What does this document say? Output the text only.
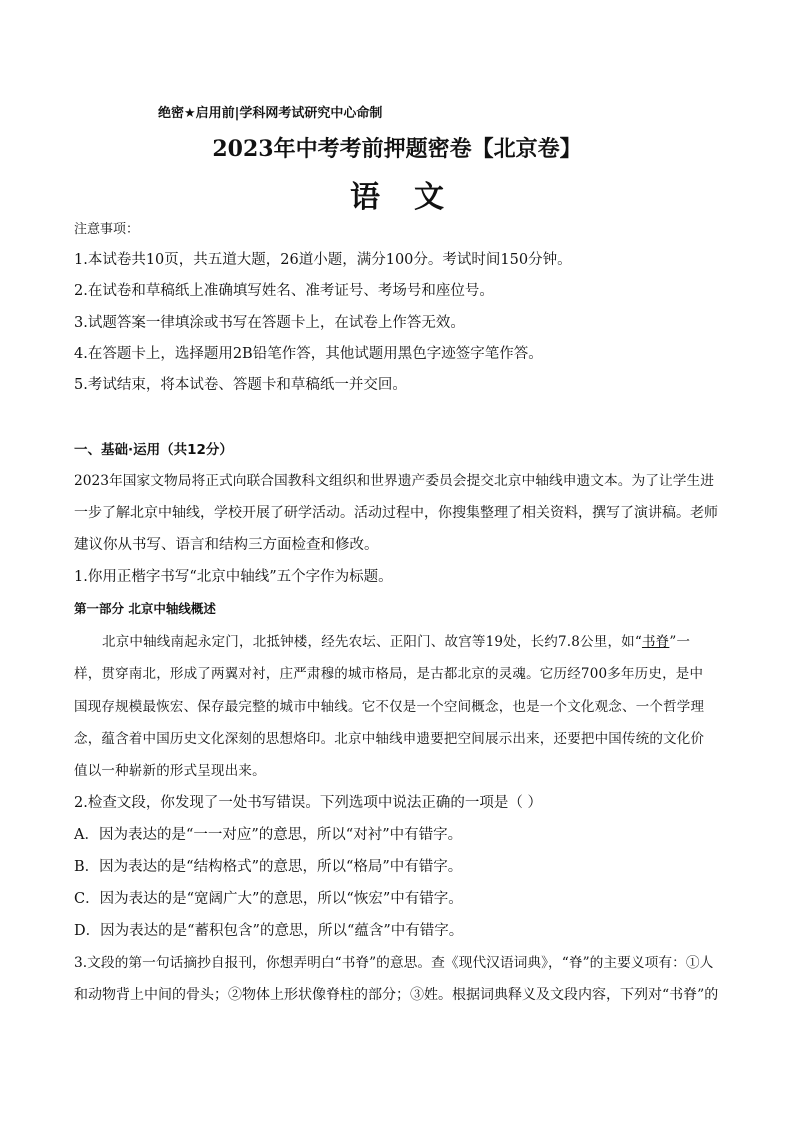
绝密★启用前|学科网考试研究中心命制
2023年中考考前押题密卷【北京卷】
语文
注意事项：
1.本试卷共10页，共五道大题，26道小题，满分100分。考试时间150分钟。
2.在试卷和草稿纸上准确填写姓名、准考证号、考场号和座位号。
3.试题答案一律填涂或书写在答题卡上，在试卷上作答无效。
4.在答题卡上，选择题用2B铅笔作答，其他试题用黑色字迹签字笔作答。
5.考试结束，将本试卷、答题卡和草稿纸一并交回。
一、基础·运用（共12分）
2023年国家文物局将正式向联合国教科文组织和世界遗产委员会提交北京中轴线申遗文本。为了让学生进
一步了解北京中轴线，学校开展了研学活动。活动过程中，你搜集整理了相关资料，撰写了演讲稿。老师
建议你从书写、语言和结构三方面检查和修改。
1.你用正楷字书写“北京中轴线”五个字作为标题。
第一部分 北京中轴线概述
北京中轴线南起永定门，北抵钟楼，经先农坛、正阳门、故宫等19处，长约7.8公里，如“书脊”一
样，贯穿南北，形成了两翼对衬，庄严肃穆的城市格局，是古都北京的灵魂。它历经700多年历史，是中
国现存规模最恢宏、保存最完整的城市中轴线。它不仅是一个空间概念，也是一个文化观念、一个哲学理
念，蕴含着中国历史文化深刻的思想烙印。北京中轴线申遗要把空间展示出来，还要把中国传统的文化价
值以一种崭新的形式呈现出来。
2.检查文段，你发现了一处书写错误。下列选项中说法正确的一项是（ ）
A．因为表达的是“一一对应”的意思，所以“对衬”中有错字。
B．因为表达的是“结构格式”的意思，所以“格局”中有错字。
C．因为表达的是“宽阔广大”的意思，所以“恢宏”中有错字。
D．因为表达的是“蓄积包含”的意思，所以“蕴含”中有错字。
3.文段的第一句话摘抄自报刊，你想弄明白“书脊”的意思。查《现代汉语词典》，“脊”的主要义项有：①人
和动物背上中间的骨头；②物体上形状像脊柱的部分；③姓。根据词典释义及文段内容，下列对“书脊”的
